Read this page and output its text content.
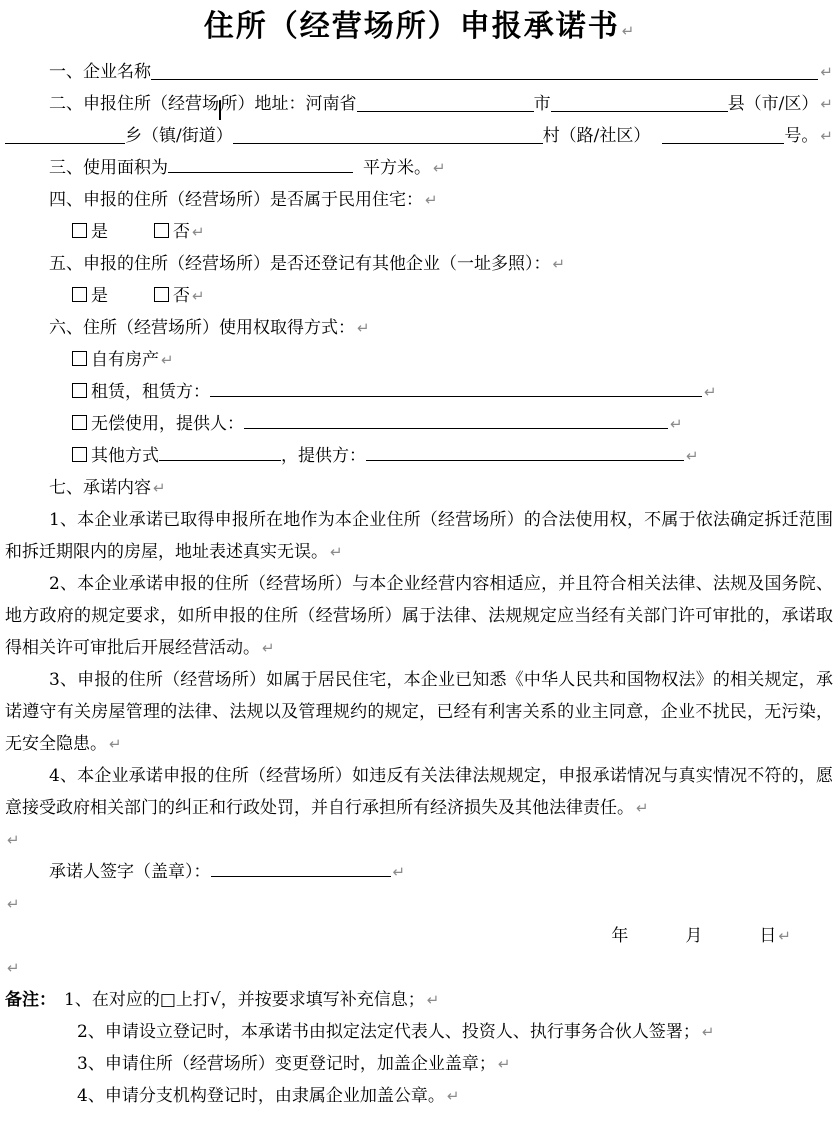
住所（经营场所）申报承诺书 ↵
一、企业名称	↵
二、申报住所（经营场 所）地址：河南省	市	县（市/区） ↵
乡（镇/街道）	村（路/社区）	号。 ↵
三、使用面积为	平方米。 ↵
四、申报的住所（经营场所）是否属于民用住宅： ↵
是	否 ↵
五、申报的住所（经营场所）是否还登记有其他企业（一址多照）： ↵
是	否 ↵
六、住所（经营场所）使用权取得方式： ↵
自有房产 ↵
租赁，租赁方：	↵
无偿使用，提供人：	↵
其他方式	，提供方：	↵
七、承诺内容 ↵

1、本企业承诺已取得申报所在地作为本企业住所（经营场所）的合法使用权，不属于依法确定拆迁范围和拆迁期限内的房屋，地址表述真实无误。 ↵

2、本企业承诺申报的住所（经营场所）与本企业经营内容相适应，并且符合相关法律、法规及国务院、地方政府的规定要求，如所申报的住所（经营场所）属于法律、法规规定应当经有关部门许可审批的，承诺取得相关许可审批后开展经营活动。 ↵

3、申报的住所（经营场所）如属于居民住宅，本企业已知悉《中华人民共和国物权法》的相关规定，承诺遵守有关房屋管理的法律、法规以及管理规约的规定，已经有利害关系的业主同意，企业不扰民，无污染，无安全隐患。 ↵

4、本企业承诺申报的住所（经营场所）如违反有关法律法规规定，申报承诺情况与真实情况不符的，愿意接受政府相关部门的纠正和行政处罚，并自行承担所有经济损失及其他法律责任。 ↵

↵
承诺人签字（盖章）：	↵
↵
年	月	日 ↵
↵
备注： 1、在对应的□上打√，并按要求填写补充信息； ↵
2、申请设立登记时，本承诺书由拟定法定代表人、投资人、执行事务合伙人签署； ↵
3、申请住所（经营场所）变更登记时，加盖企业盖章； ↵
4、申请分支机构登记时，由隶属企业加盖公章。 ↵
